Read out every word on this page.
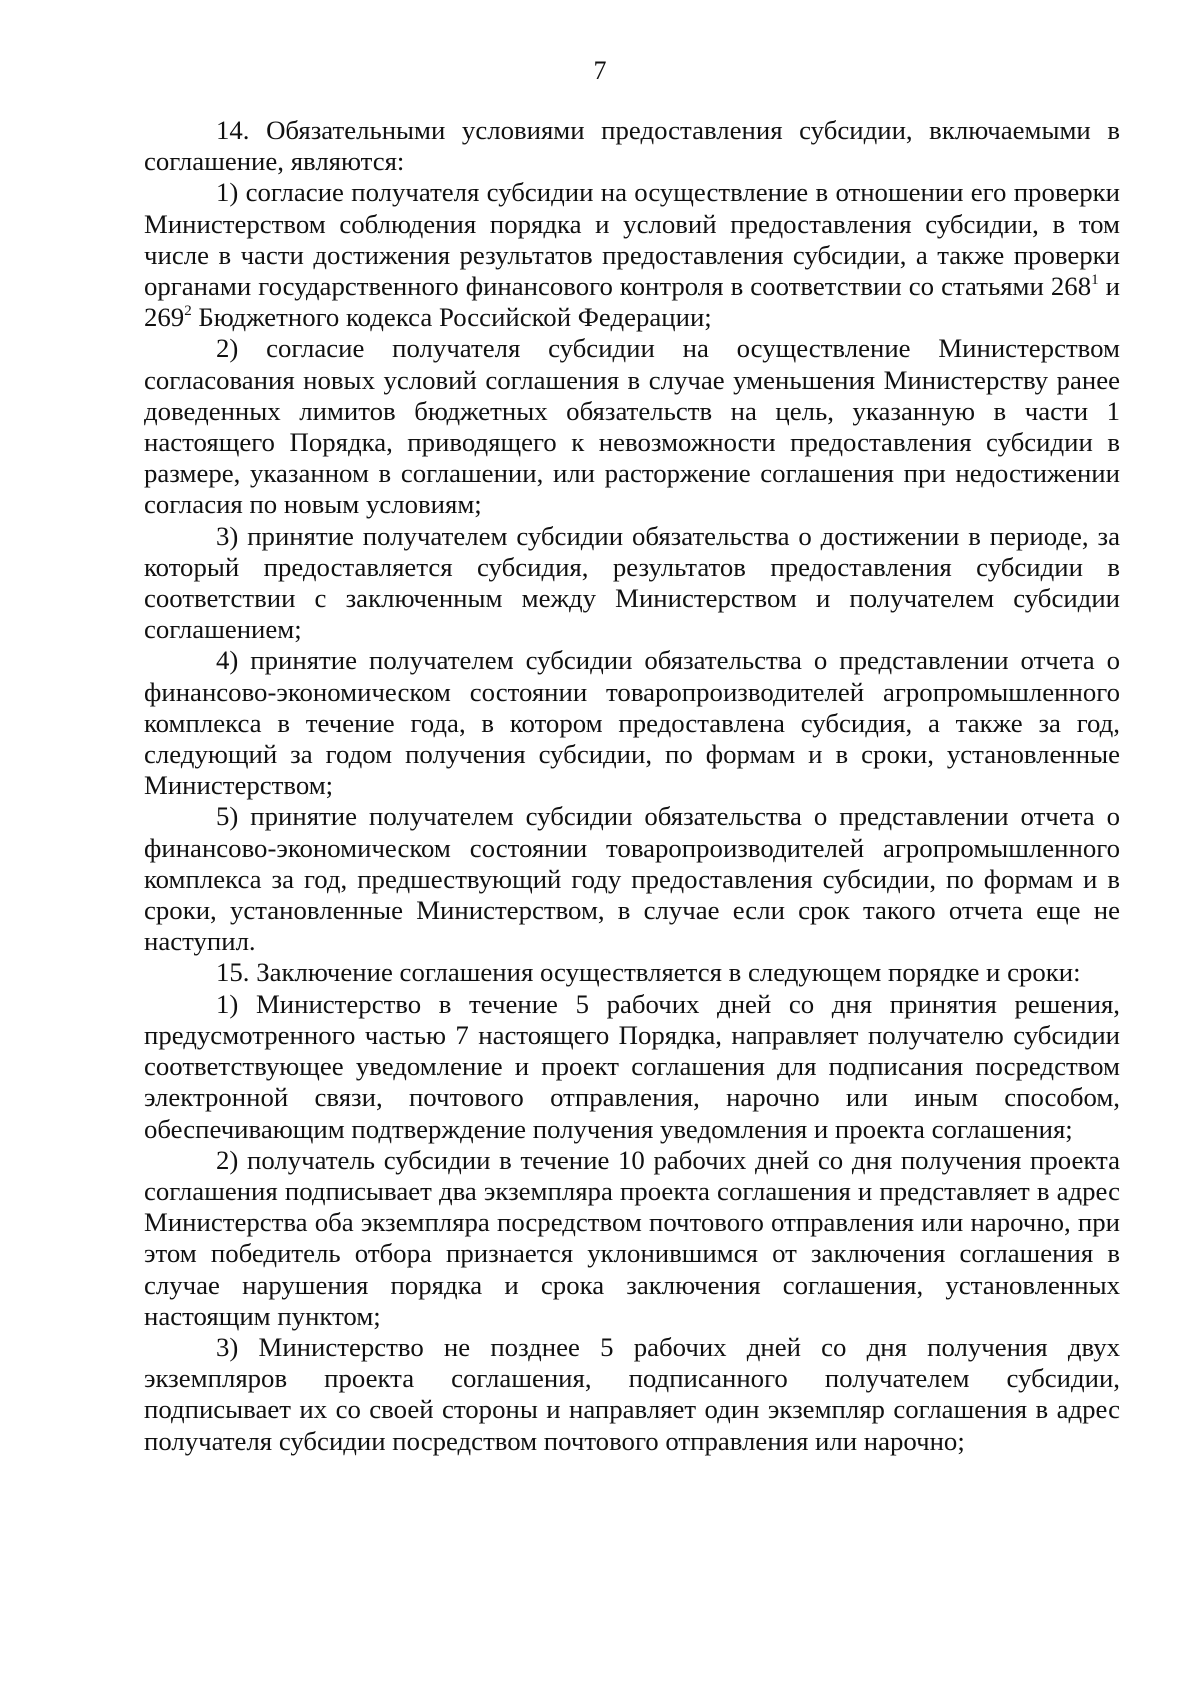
7

14. Обязательными условиями предоставления субсидии, включаемыми в соглашение, являются:

1) согласие получателя субсидии на осуществление в отношении его проверки Министерством соблюдения порядка и условий предоставления субсидии, в том числе в части достижения результатов предоставления субсидии, а также проверки органами государственного финансового контроля в соответствии со статьями $268^1$ и $269^2$ Бюджетного кодекса Российской Федерации;

2) согласие получателя субсидии на осуществление Министерством согласования новых условий соглашения в случае уменьшения Министерству ранее доведенных лимитов бюджетных обязательств на цель, указанную в части 1 настоящего Порядка, приводящего к невозможности предоставления субсидии в размере, указанном в соглашении, или расторжение соглашения при недостижении согласия по новым условиям;

3) принятие получателем субсидии обязательства о достижении в периоде, за который предоставляется субсидия, результатов предоставления субсидии в соответствии с заключенным между Министерством и получателем субсидии соглашением;

4) принятие получателем субсидии обязательства о представлении отчета о финансово-экономическом состоянии товаропроизводителей агропромышленного комплекса в течение года, в котором предоставлена субсидия, а также за год, следующий за годом получения субсидии, по формам и в сроки, установленные Министерством;

5) принятие получателем субсидии обязательства о представлении отчета о финансово-экономическом состоянии товаропроизводителей агропромышленного комплекса за год, предшествующий году предоставления субсидии, по формам и в сроки, установленные Министерством, в случае если срок такого отчета еще не наступил.

15. Заключение соглашения осуществляется в следующем порядке и сроки:

1) Министерство в течение 5 рабочих дней со дня принятия решения, предусмотренного частью 7 настоящего Порядка, направляет получателю субсидии соответствующее уведомление и проект соглашения для подписания посредством электронной связи, почтового отправления, нарочно или иным способом, обеспечивающим подтверждение получения уведомления и проекта соглашения;

2) получатель субсидии в течение 10 рабочих дней со дня получения проекта соглашения подписывает два экземпляра проекта соглашения и представляет в адрес Министерства оба экземпляра посредством почтового отправления или нарочно, при этом победитель отбора признается уклонившимся от заключения соглашения в случае нарушения порядка и срока заключения соглашения, установленных настоящим пунктом;

3) Министерство не позднее 5 рабочих дней со дня получения двух экземпляров проекта соглашения, подписанного получателем субсидии, подписывает их со своей стороны и направляет один экземпляр соглашения в адрес получателя субсидии посредством почтового отправления или нарочно;
